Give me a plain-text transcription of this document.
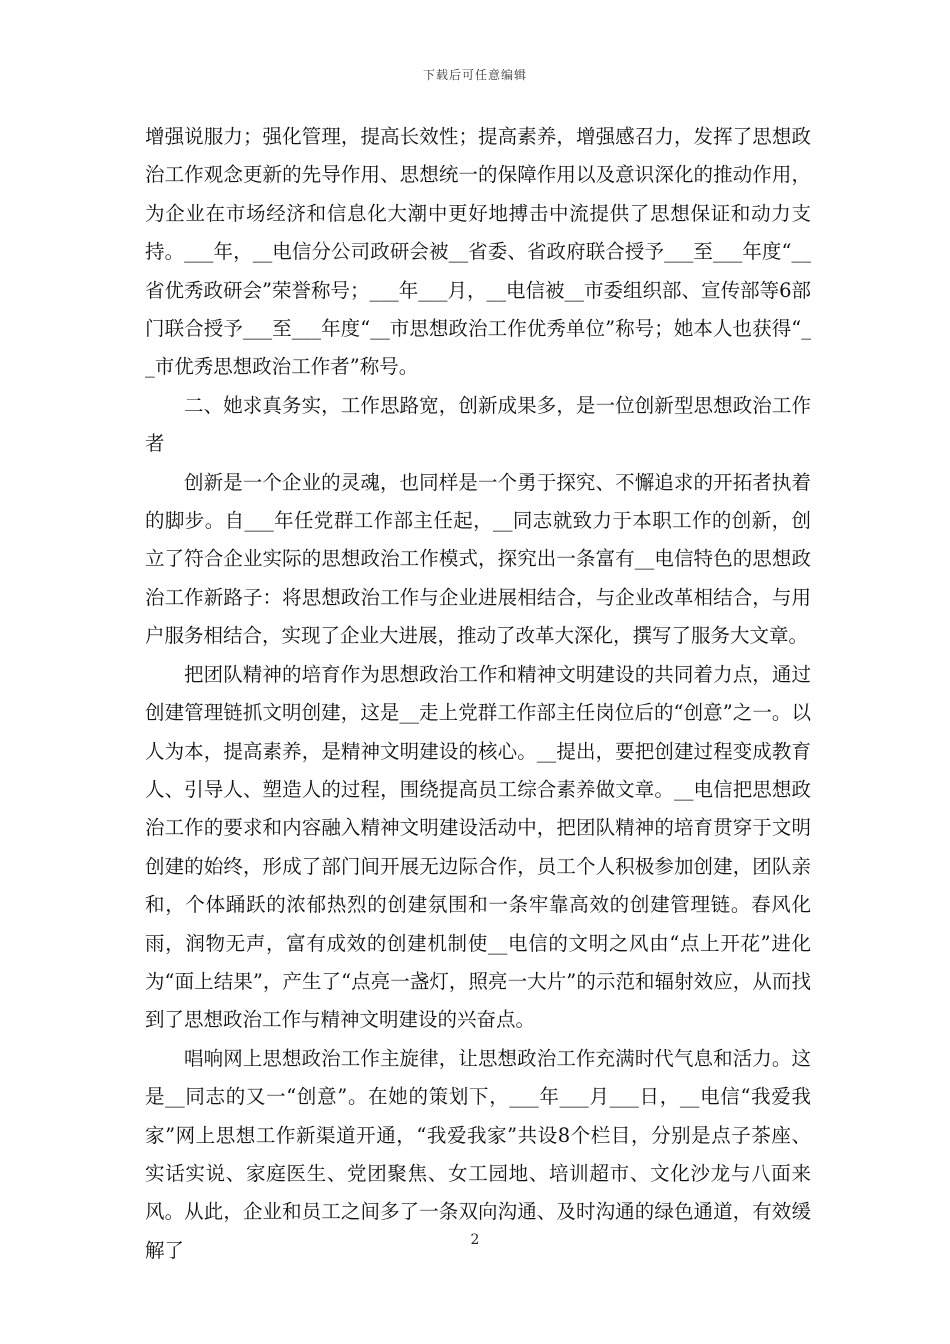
下载后可任意编辑

增强说服力；强化管理，提高长效性；提高素养，增强感召力，发挥了思想政治工作观念更新的先导作用、思想统一的保障作用以及意识深化的推动作用，为企业在市场经济和信息化大潮中更好地搏击中流提供了思想保证和动力支持。___年，__电信分公司政研会被__省委、省政府联合授予___至___年度“__省优秀政研会”荣誉称号；___年___月，__电信被__市委组织部、宣传部等6部门联合授予___至___年度“__市思想政治工作优秀单位”称号；她本人也获得“__市优秀思想政治工作者”称号。

二、她求真务实，工作思路宽，创新成果多，是一位创新型思想政治工作者

创新是一个企业的灵魂，也同样是一个勇于探究、不懈追求的开拓者执着的脚步。自___年任党群工作部主任起，__同志就致力于本职工作的创新，创立了符合企业实际的思想政治工作模式，探究出一条富有__电信特色的思想政治工作新路子：将思想政治工作与企业进展相结合，与企业改革相结合，与用户服务相结合，实现了企业大进展，推动了改革大深化，撰写了服务大文章。

把团队精神的培育作为思想政治工作和精神文明建设的共同着力点，通过创建管理链抓文明创建，这是__走上党群工作部主任岗位后的“创意”之一。以人为本，提高素养，是精神文明建设的核心。__提出，要把创建过程变成教育人、引导人、塑造人的过程，围绕提高员工综合素养做文章。__电信把思想政治工作的要求和内容融入精神文明建设活动中，把团队精神的培育贯穿于文明创建的始终，形成了部门间开展无边际合作，员工个人积极参加创建，团队亲和，个体踊跃的浓郁热烈的创建氛围和一条牢靠高效的创建管理链。春风化雨，润物无声，富有成效的创建机制使__电信的文明之风由“点上开花”进化为“面上结果”，产生了“点亮一盏灯，照亮一大片”的示范和辐射效应，从而找到了思想政治工作与精神文明建设的兴奋点。

唱响网上思想政治工作主旋律，让思想政治工作充满时代气息和活力。这是__同志的又一“创意”。在她的策划下，___年___月___日，__电信“我爱我家”网上思想工作新渠道开通，“我爱我家”共设8个栏目，分别是点子茶座、实话实说、家庭医生、党团聚焦、女工园地、培训超市、文化沙龙与八面来风。从此，企业和员工之间多了一条双向沟通、及时沟通的绿色通道，有效缓解了	2
